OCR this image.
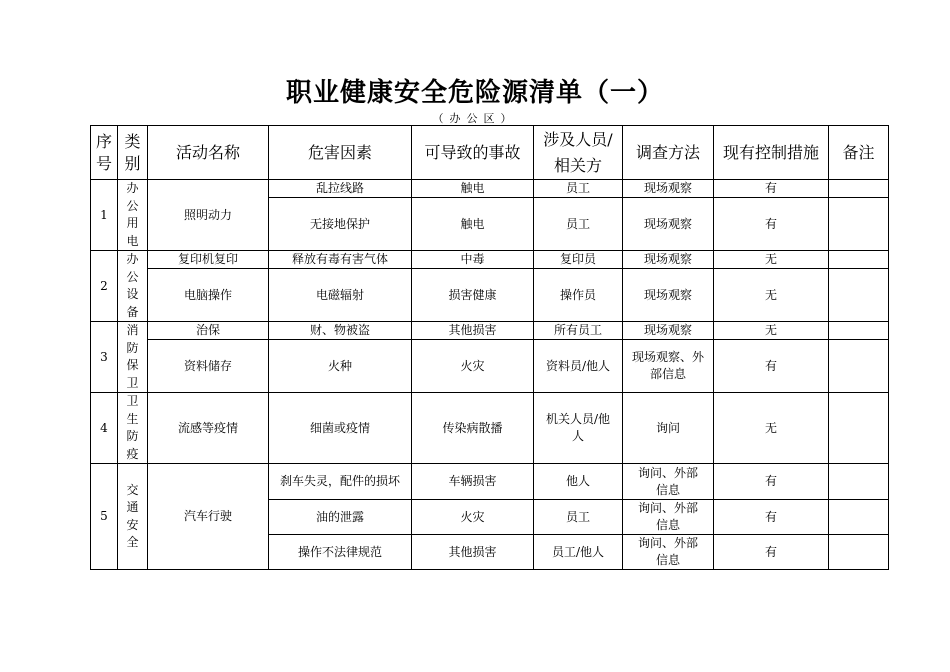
职业健康安全危险源清单（一）
（办公区）
序
号	类
别	活动名称	危害因素	可导致的事故	涉及人员/
相关方	调查方法	现有控制措施	备注
1	办
公
用
电	照明动力	乱拉线路	触电	员工	现场观察	有	
			无接地保护	触电	员工	现场观察	有	
2	办
公
设
备	复印机复印	释放有毒有害气体	中毒	复印员	现场观察	无	
		电脑操作	电磁辐射	损害健康	操作员	现场观察	无	
3	消
防
保
卫	治保	财、物被盗	其他损害	所有员工	现场观察	无	
		资料储存	火种	火灾	资料员/他人	现场观察、外部信息	有	
4	卫
生
防
疫	流感等疫情	细菌或疫情	传染病散播	机关人员/他人	询问	无	
5	交
通
安
全	汽车行驶	刹车失灵，配件的损坏	车辆损害	他人	询问、外部信息	有	
			油的泄露	火灾	员工	询问、外部信息	有	
			操作不法律规范	其他损害	员工/他人	询问、外部信息	有	
